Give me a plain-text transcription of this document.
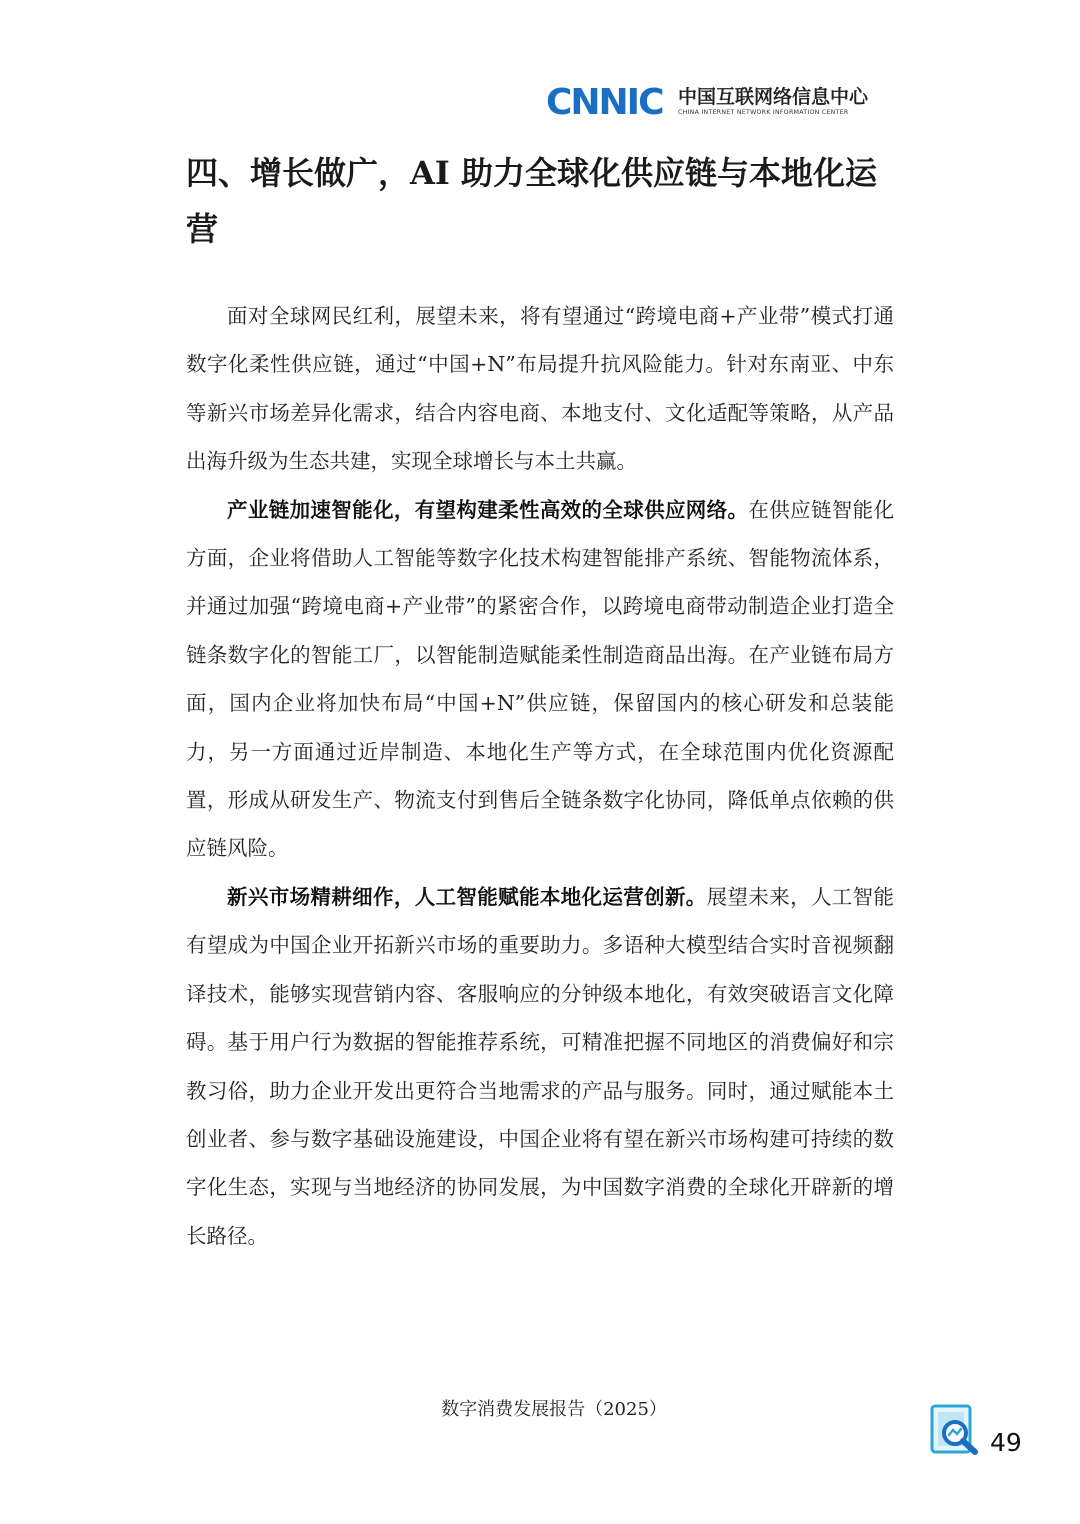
CNNIC 中国互联网络信息中心
CHINA INTERNET NETWORK INFORMATION CENTER
四、增长做广，AI 助力全球化供应链与本地化运营

面对全球网民红利，展望未来，将有望通过“跨境电商+产业带”模式打通数字化柔性供应链，通过“中国+N”布局提升抗风险能力。针对东南亚、中东等新兴市场差异化需求，结合内容电商、本地支付、文化适配等策略，从产品出海升级为生态共建，实现全球增长与本土共赢。

产业链加速智能化，有望构建柔性高效的全球供应网络。在供应链智能化方面，企业将借助人工智能等数字化技术构建智能排产系统、智能物流体系，并通过加强“跨境电商+产业带”的紧密合作，以跨境电商带动制造企业打造全链条数字化的智能工厂，以智能制造赋能柔性制造商品出海。在产业链布局方面，国内企业将加快布局“中国+N”供应链，保留国内的核心研发和总装能力，另一方面通过近岸制造、本地化生产等方式，在全球范围内优化资源配置，形成从研发生产、物流支付到售后全链条数字化协同，降低单点依赖的供应链风险。

新兴市场精耕细作，人工智能赋能本地化运营创新。展望未来，人工智能有望成为中国企业开拓新兴市场的重要助力。多语种大模型结合实时音视频翻译技术，能够实现营销内容、客服响应的分钟级本地化，有效突破语言文化障碍。基于用户行为数据的智能推荐系统，可精准把握不同地区的消费偏好和宗教习俗，助力企业开发出更符合当地需求的产品与服务。同时，通过赋能本土创业者、参与数字基础设施建设，中国企业将有望在新兴市场构建可持续的数字化生态，实现与当地经济的协同发展，为中国数字消费的全球化开辟新的增长路径。

数字消费发展报告（2025）
49
